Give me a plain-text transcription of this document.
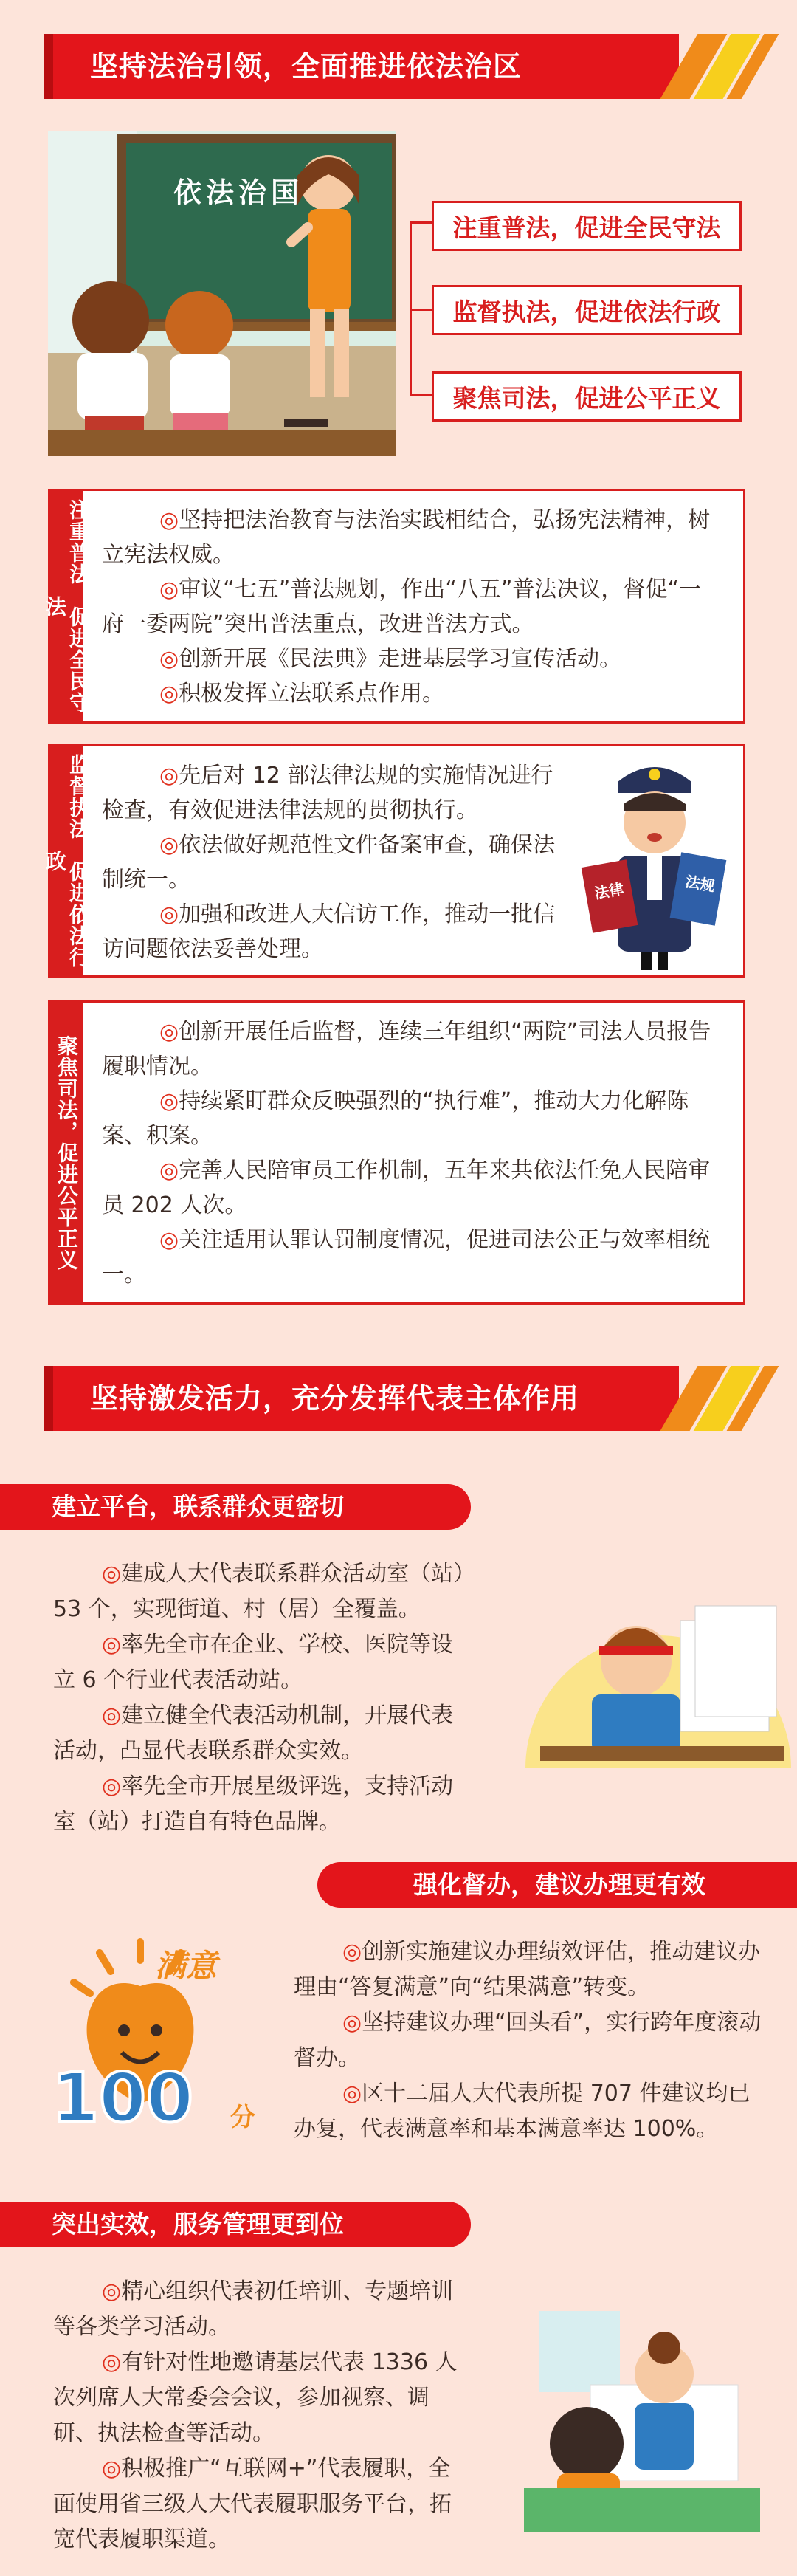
坚持法治引领，全面推进依法治区
依法治国
注重普法，促进全民守法
监督执法，促进依法行政
聚焦司法，促进公平正义
注重普法，促进全民守法

◎坚持把法治教育与法治实践相结合，弘扬宪法精神，树立宪法权威。

◎审议“七五”普法规划，作出“八五”普法决议，督促“一府一委两院”突出普法重点，改进普法方式。

◎创新开展《民法典》走进基层学习宣传活动。

◎积极发挥立法联系点作用。

监督执法，促进依法行政

◎先后对 12 部法律法规的实施情况进行检查，有效促进法律法规的贯彻执行。

◎依法做好规范性文件备案审查，确保法制统一。

◎加强和改进人大信访工作，推动一批信访问题依法妥善处理。

法律	法规
聚焦司法，促进公平正义

◎创新开展任后监督，连续三年组织“两院”司法人员报告履职情况。

◎持续紧盯群众反映强烈的“执行难”，推动大力化解陈案、积案。

◎完善人民陪审员工作机制，五年来共依法任免人民陪审员 202 人次。

◎关注适用认罪认罚制度情况，促进司法公正与效率相统一。

坚持激发活力，充分发挥代表主体作用
建立平台，联系群众更密切

◎建成人大代表联系群众活动室（站）53 个，实现街道、村（居）全覆盖。

◎率先全市在企业、学校、医院等设立 6 个行业代表活动站。

◎建立健全代表活动机制，开展代表活动，凸显代表联系群众实效。

◎率先全市开展星级评选，支持活动室（站）打造自有特色品牌。

强化督办，建议办理更有效
满意
100 分

◎创新实施建议办理绩效评估，推动建议办理由“答复满意”向“结果满意”转变。

◎坚持建议办理“回头看”，实行跨年度滚动督办。

◎区十二届人大代表所提 707 件建议均已办复，代表满意率和基本满意率达 100%。

突出实效，服务管理更到位

◎精心组织代表初任培训、专题培训等各类学习活动。

◎有针对性地邀请基层代表 1336 人次列席人大常委会会议，参加视察、调研、执法检查等活动。

◎积极推广“互联网+”代表履职，全面使用省三级人大代表履职服务平台，拓宽代表履职渠道。
